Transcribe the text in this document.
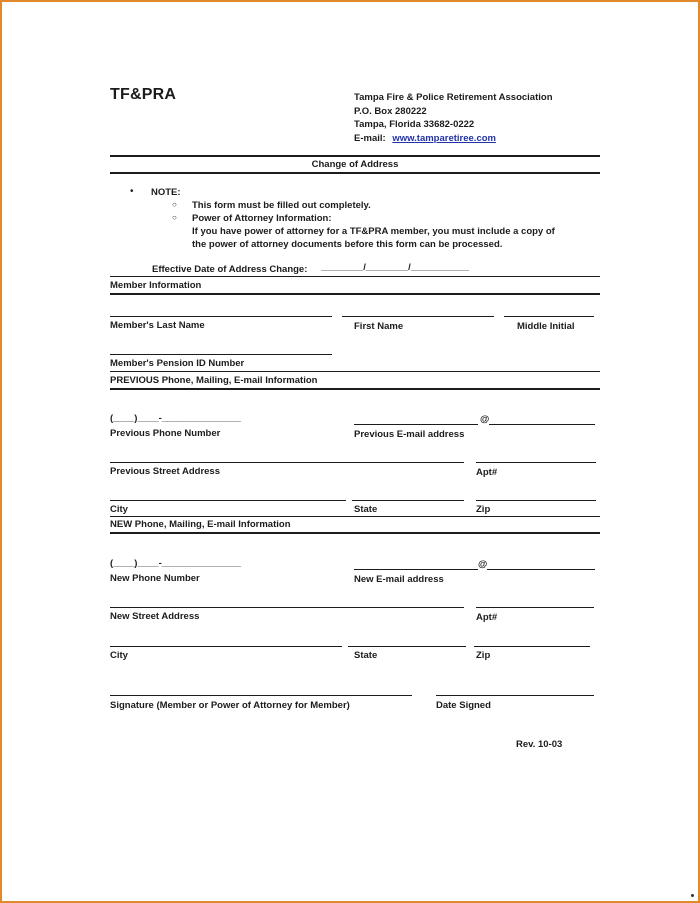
TF&PRA	Tampa Fire & Police Retirement Association
P.O. Box 280222
Tampa, Florida 33682-0222
E-mail: www.tamparetiree.com
Change of Address
• NOTE:
○ This form must be filled out completely.
○ Power of Attorney Information:
If you have power of attorney for a TF&PRA member, you must include a copy of
the power of attorney documents before this form can be processed.
Effective Date of Address Change: ________/________/___________
Member Information
Member's Last Name	First Name	Middle Initial
Member's Pension ID Number
PREVIOUS Phone, Mailing, E-mail Information
(____)____-_______________	@
Previous Phone Number	Previous E-mail address
Previous Street Address	Apt#
City	State	Zip
NEW Phone, Mailing, E-mail Information
(____)____-_______________	@
New Phone Number	New E-mail address
New Street Address	Apt#
City	State	Zip
Signature (Member or Power of Attorney for Member)	Date Signed
Rev. 10-03
